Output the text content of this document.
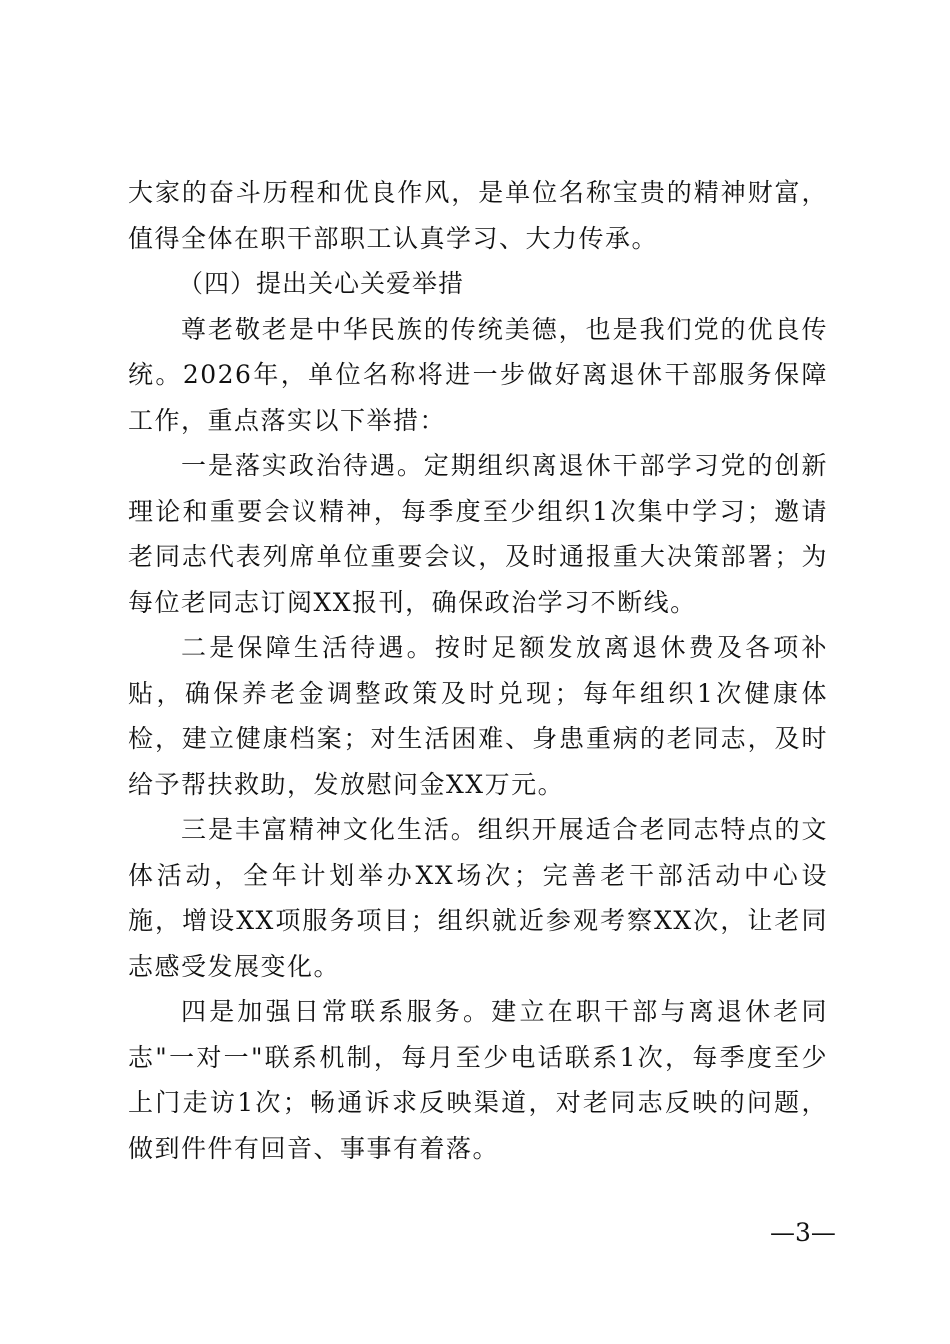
大家的奋斗历程和优良作风，是单位名称宝贵的精神财富，值得全体在职干部职工认真学习、大力传承。

（四）提出关心关爱举措

尊老敬老是中华民族的传统美德，也是我们党的优良传统。2026年，单位名称将进一步做好离退休干部服务保障工作，重点落实以下举措：

一是落实政治待遇。定期组织离退休干部学习党的创新理论和重要会议精神，每季度至少组织1次集中学习；邀请老同志代表列席单位重要会议，及时通报重大决策部署；为每位老同志订阅XX报刊，确保政治学习不断线。

二是保障生活待遇。按时足额发放离退休费及各项补贴，确保养老金调整政策及时兑现；每年组织1次健康体检，建立健康档案；对生活困难、身患重病的老同志，及时给予帮扶救助，发放慰问金XX万元。

三是丰富精神文化生活。组织开展适合老同志特点的文体活动，全年计划举办XX场次；完善老干部活动中心设施，增设XX项服务项目；组织就近参观考察XX次，让老同志感受发展变化。

四是加强日常联系服务。建立在职干部与离退休老同志"一对一"联系机制，每月至少电话联系1次，每季度至少上门走访1次；畅通诉求反映渠道，对老同志反映的问题，做到件件有回音、事事有着落。

—3—
